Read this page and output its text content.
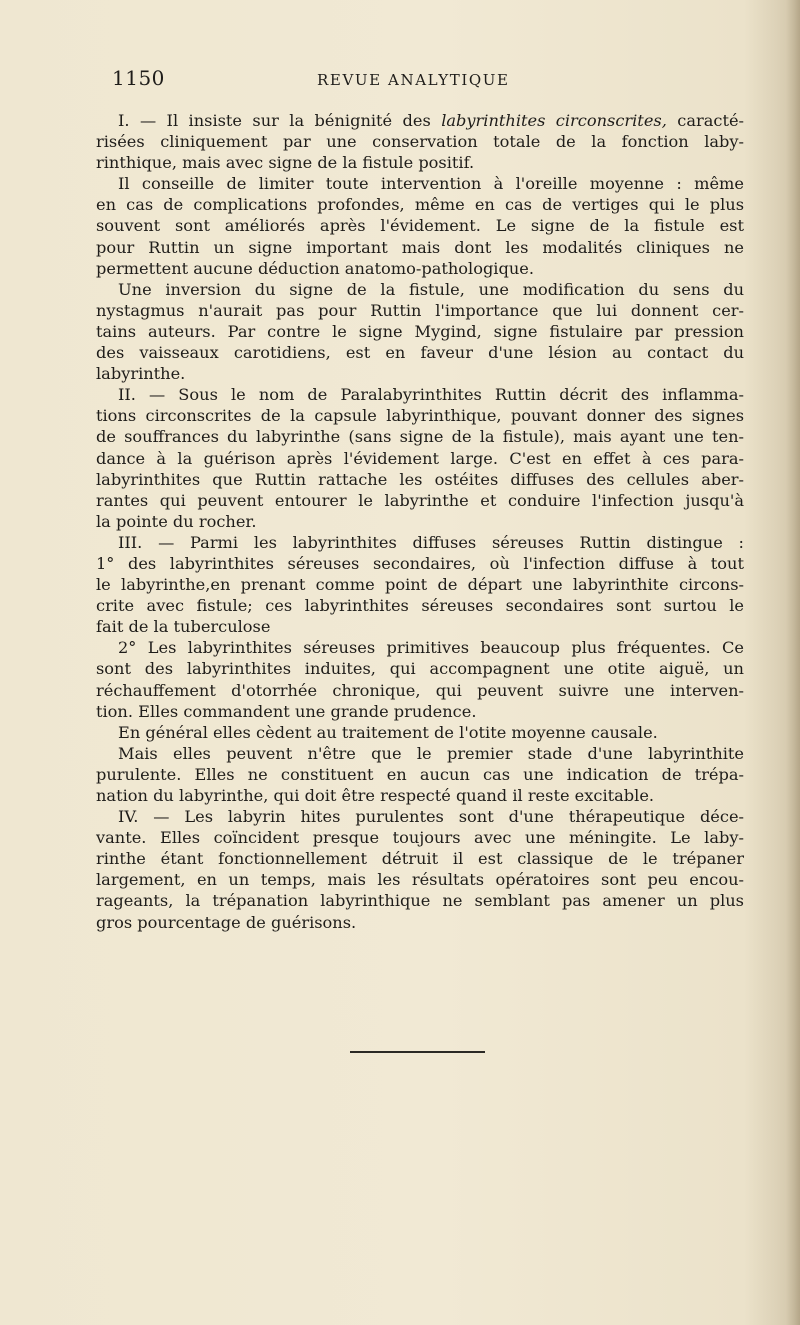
1150	REVUE ANALYTIQUE
I. — Il insiste sur la bénignité des labyrinthites circonscrites, caracté-
risées cliniquement par une conservation totale de la fonction laby-
rinthique, mais avec signe de la fistule positif.
Il conseille de limiter toute intervention à l'oreille moyenne : même
en cas de complications profondes, même en cas de vertiges qui le plus
souvent sont améliorés après l'évidement. Le signe de la fistule est
pour Ruttin un signe important mais dont les modalités cliniques ne
permettent aucune déduction anatomo-pathologique.
Une inversion du signe de la fistule, une modification du sens du
nystagmus n'aurait pas pour Ruttin l'importance que lui donnent cer-
tains auteurs. Par contre le signe Mygind, signe fistulaire par pression
des vaisseaux carotidiens, est en faveur d'une lésion au contact du
labyrinthe.
II. — Sous le nom de Paralabyrinthites Ruttin décrit des inflamma-
tions circonscrites de la capsule labyrinthique, pouvant donner des signes
de souffrances du labyrinthe (sans signe de la fistule), mais ayant une ten-
dance à la guérison après l'évidement large. C'est en effet à ces para-
labyrinthites que Ruttin rattache les ostéites diffuses des cellules aber-
rantes qui peuvent entourer le labyrinthe et conduire l'infection jusqu'à
la pointe du rocher.
III. — Parmi les labyrinthites diffuses séreuses Ruttin distingue :
1° des labyrinthites séreuses secondaires, où l'infection diffuse à tout
le labyrinthe,en prenant comme point de départ une labyrinthite circons-
crite avec fistule; ces labyrinthites séreuses secondaires sont surtou le
fait de la tuberculose
2° Les labyrinthites séreuses primitives beaucoup plus fréquentes. Ce
sont des labyrinthites induites, qui accompagnent une otite aiguë, un
réchauffement d'otorrhée chronique, qui peuvent suivre une interven-
tion. Elles commandent une grande prudence.
En général elles cèdent au traitement de l'otite moyenne causale.
Mais elles peuvent n'être que le premier stade d'une labyrinthite
purulente. Elles ne constituent en aucun cas une indication de trépa-
nation du labyrinthe, qui doit être respecté quand il reste excitable.
IV. — Les labyrin hites purulentes sont d'une thérapeutique déce-
vante. Elles coïncident presque toujours avec une méningite. Le laby-
rinthe étant fonctionnellement détruit il est classique de le trépaner
largement, en un temps, mais les résultats opératoires sont peu encou-
rageants, la trépanation labyrinthique ne semblant pas amener un plus
gros pourcentage de guérisons.
